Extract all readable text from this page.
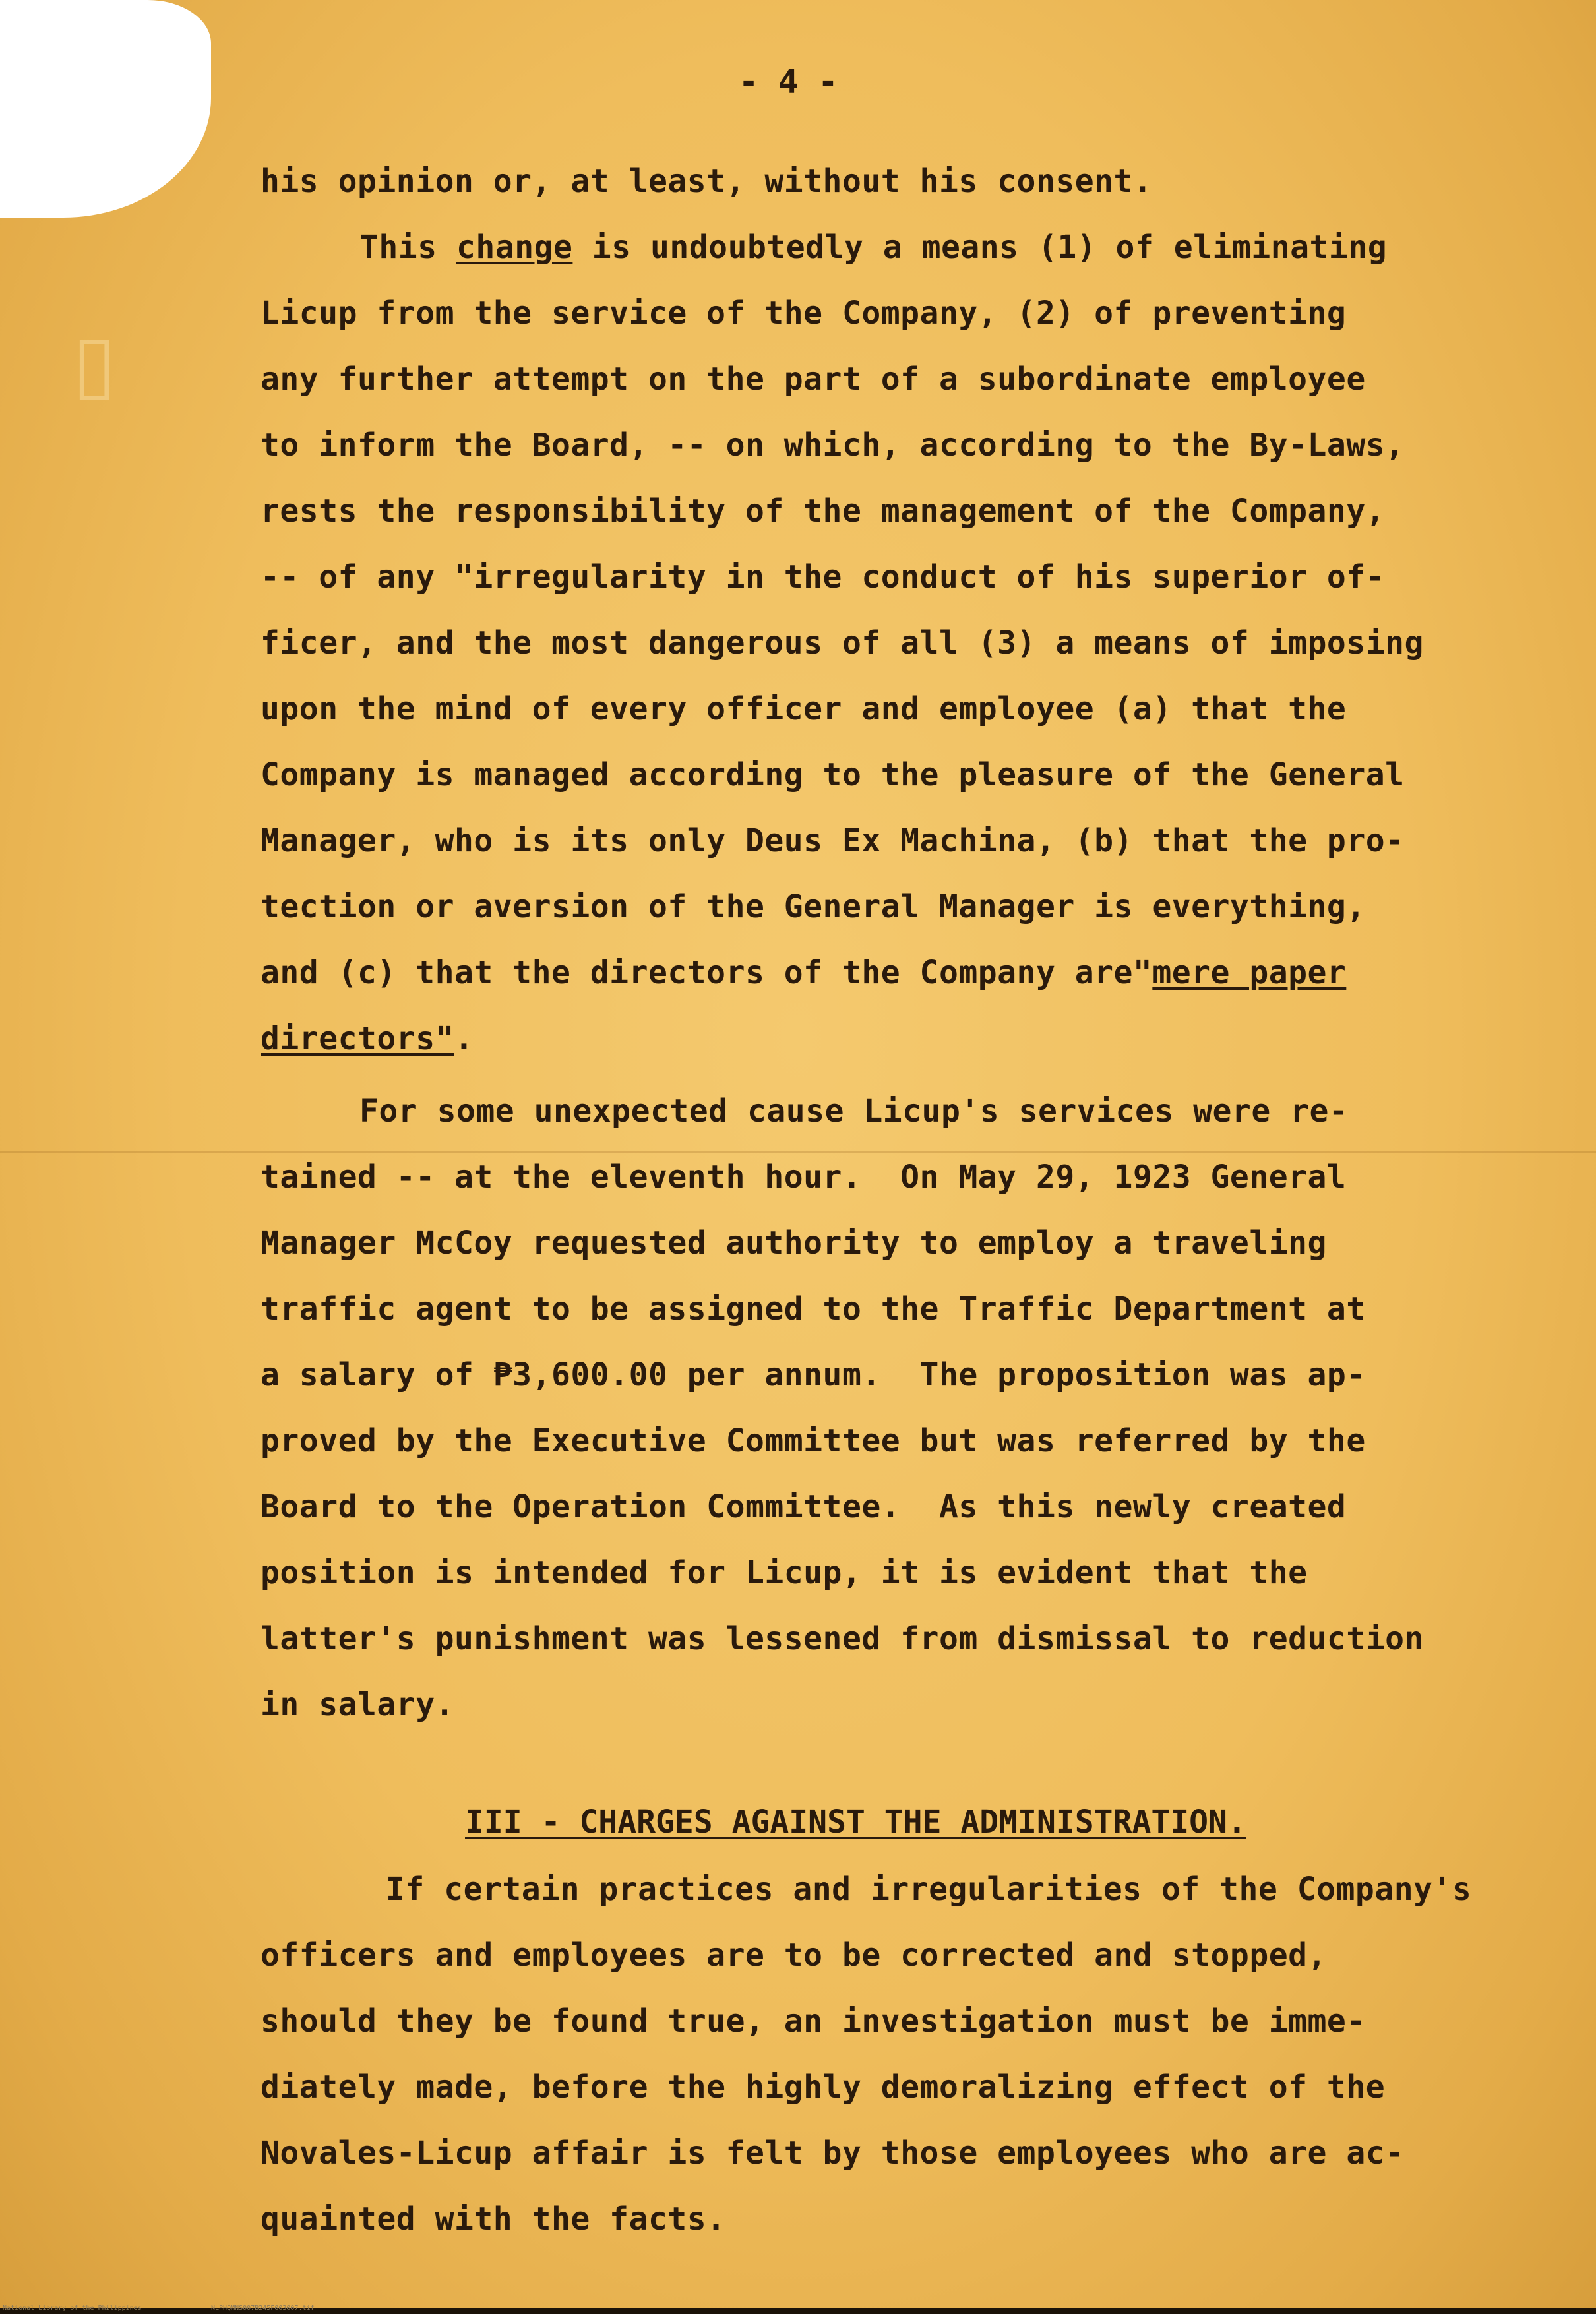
▯
- 4 -
his opinion or, at least, without his consent.
This change is undoubtedly a means (1) of eliminating
Licup from the service of the Company, (2) of preventing
any further attempt on the part of a subordinate employee
to inform the Board, -- on which, according to the By-Laws,
rests the responsibility of the management of the Company,
-- of any "irregularity in the conduct of his superior of-
ficer, and the most dangerous of all (3) a means of imposing
upon the mind of every officer and employee (a) that the
Company is managed according to the pleasure of the General
Manager, who is its only Deus Ex Machina, (b) that the pro-
tection or aversion of the General Manager is everything,
and (c) that the directors of the Company are"mere paper
directors".
For some unexpected cause Licup's services were re-
tained -- at the eleventh hour.  On May 29, 1923 General
Manager McCoy requested authority to employ a traveling
traffic agent to be assigned to the Traffic Department at
a salary of ₱3,600.00 per annum.  The proposition was ap-
proved by the Executive Committee but was referred by the
Board to the Operation Committee.  As this newly created
position is intended for Licup, it is evident that the
latter's punishment was lessened from dismissal to reduction
in salary.
If certain practices and irregularities of the Company's
officers and employees are to be corrected and stopped,
should they be found true, an investigation must be imme-
diately made, before the highly demoralizing effect of the
Novales-Licup affair is felt by those employees who are ac-
quainted with the facts.
III - CHARGES AGAINST THE ADMINISTRATION.
National Library of the Philippines	NLPHQMNS007B245F003007.tif
